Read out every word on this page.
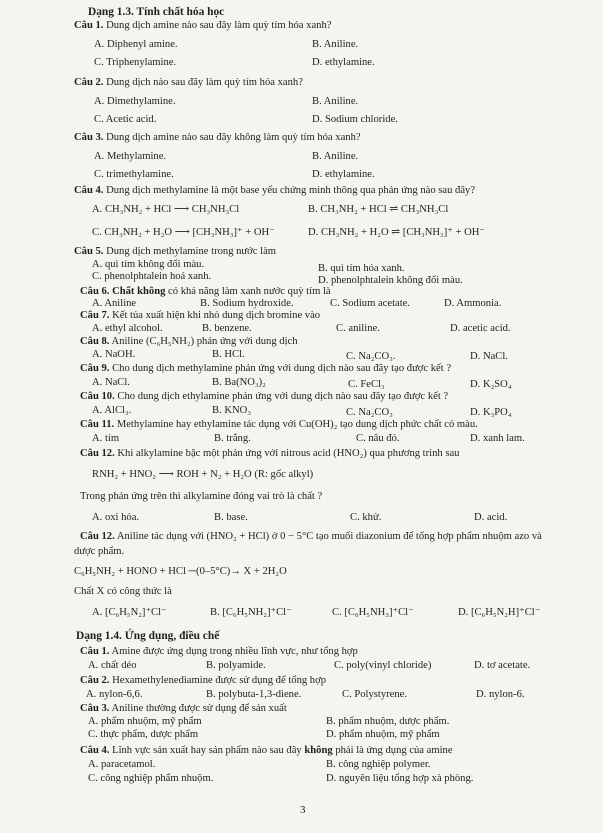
Dạng 1.3. Tính chất hóa học
Câu 1. Dung dịch amine nào sau đây làm quỳ tím hóa xanh?
A. Diphenyl amine.	B. Aniline.
C. Triphenylamine.	D. ethylamine.
Câu 2. Dung dịch nào sau đây làm quỳ tím hóa xanh?
A. Dimethylamine.	B. Aniline.
C. Acetic acid.	D. Sodium chloride.
Câu 3. Dung dịch amine nào sau đây không làm quỳ tím hóa xanh?
A. Methylamine.	B. Aniline.
C. trimethylamine.	D. ethylamine.
Câu 4. Dung dịch methylamine là một base yếu chứng minh thông qua phản ứng nào sau đây?
A. CH₃NH₂ + HCl ⟶ CH₃NH₃Cl	B. CH₃NH₂ + HCl ⇌ CH₃NH₃Cl
C. CH₃NH₂ + H₂O ⟶ [CH₃NH₃]⁺ + OH⁻	D. CH₃NH₂ + H₂O ⇌ [CH₃NH₃]⁺ + OH⁻
Câu 5. Dung dịch methylamine trong nước làm
A. quì tím không đổi màu.	B. quì tím hóa xanh.
C. phenolphtalein hoá xanh.	D. phenolphtalein không đổi màu.
Câu 6. Chất không có khả năng làm xanh nước quỳ tím là
A. Aniline	B. Sodium hydroxide.	C. Sodium acetate.	D. Ammonia.
Câu 7. Kết tủa xuất hiện khi nhỏ dung dịch bromine vào
A. ethyl alcohol.	B. benzene.	C. aniline.	D. acetic acid.
Câu 8. Aniline (C₆H₅NH₂) phản ứng với dung dịch
A. NaOH.	B. HCl.	C. Na₂CO₃.	D. NaCl.
Câu 9. Cho dung dịch methylamine phản ứng với dung dịch nào sau đây tạo được kết ?
A. NaCl.	B. Ba(NO₃)₂	C. FeCl₃	D. K₂SO₄
Câu 10. Cho dung dịch ethylamine phản ứng với dung dịch nào sau đây tạo được kết ?
A. AlCl₃.	B. KNO₃	C. Na₂CO₃	D. K₃PO₄
Câu 11. Methylamine hay ethylamine tác dụng với Cu(OH)₂ tạo dung dịch phức chất có màu.
A. tím	B. trắng.	C. nâu đỏ.	D. xanh lam.
Câu 12. Khi alkylamine bậc một phản ứng với nitrous acid (HNO₂) qua phương trình sau
RNH₂ + HNO₂ ⟶ ROH + N₂ + H₂O (R: gốc alkyl)
Trong phản ứng trên thì alkylamine đóng vai trò là chất ?
A. oxi hóa.	B. base.	C. khử.	D. acid.
Câu 12. Aniline tác dụng với (HNO₂ + HCl) ở 0 − 5°C tạo muối diazonium để tổng hợp phẩm nhuộm azo và
dược phẩm.
C₆H₅NH₂ + HONO + HCl ─(0–5°C)→ X + 2H₂O
Chất X có công thức là
A. [C₆H₅N₂]⁺Cl⁻	B. [C₆H₅NH₂]⁺Cl⁻	C. [C₆H₅NH₃]⁺Cl⁻	D. [C₆H₅N₂H]⁺Cl⁻
Dạng 1.4. Ứng dụng, điều chế
Câu 1. Amine được ứng dụng trong nhiều lĩnh vực, như tổng hợp
A. chất dẻo	B. polyamide.	C. poly(vinyl chloride)	D. tơ acetate.
Câu 2. Hexamethylenediamine được sử dụng để tổng hợp
A. nylon-6,6.	B. polybuta-1,3-diene.	C. Polystyrene.	D. nylon-6.
Câu 3. Aniline thường được sử dụng để sản xuất
A. phẩm nhuộm, mỹ phẩm	B. phẩm nhuộm, dược phẩm.
C. thực phẩm, dược phẩm	D. phẩm nhuộm, mỹ phẩm
Câu 4. Lĩnh vực sản xuất hay sản phẩm nào sau đây không phải là ứng dụng của amine
A. paracetamol.	B. công nghiệp polymer.
C. công nghiệp phẩm nhuộm.	D. nguyên liệu tổng hợp xà phòng.
3
